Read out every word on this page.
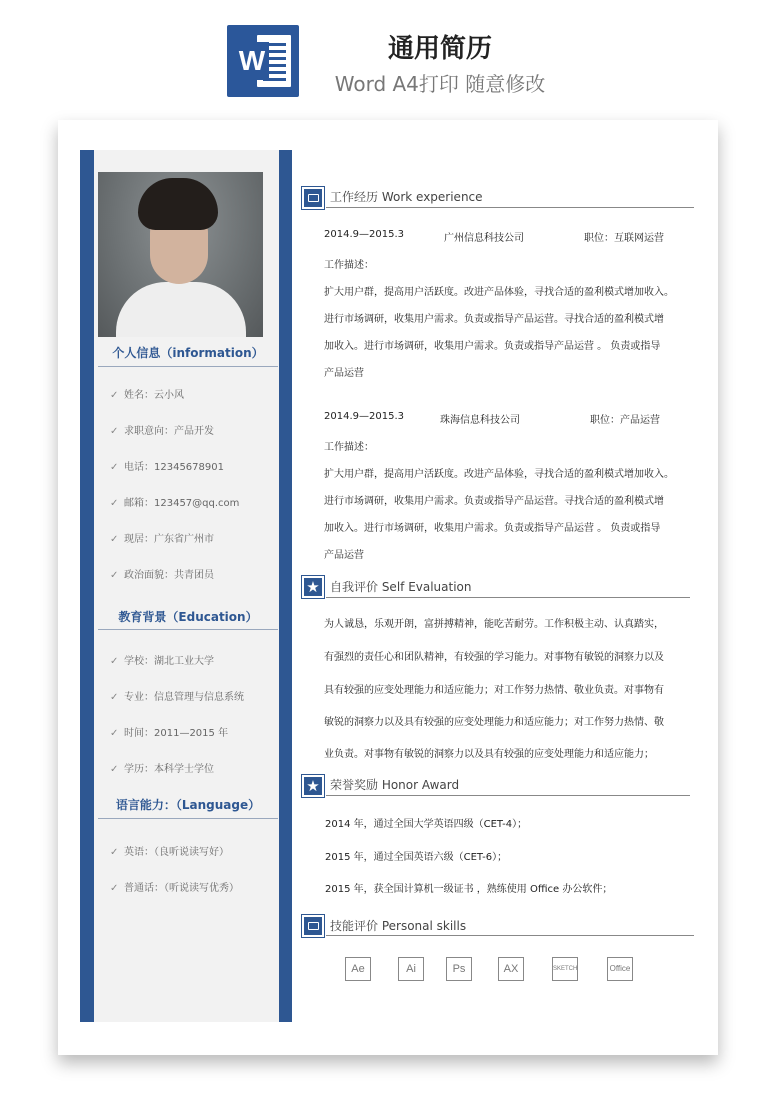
W	通用简历
Word A4打印 随意修改
个人信息（information）
✓ 姓名：云小风
✓ 求职意向：产品开发
✓ 电话：12345678901
✓ 邮箱：123457@qq.com
✓ 现居：广东省广州市
✓ 政治面貌：共青团员
教育背景（Education）
✓ 学校：湖北工业大学
✓ 专业：信息管理与信息系统
✓ 时间：2011—2015 年
✓ 学历：本科学士学位
语言能力：（Language）
✓ 英语：（良听说读写好）
✓ 普通话：（听说读写优秀）
工作经历 Work experience
2014.9—2015.3	广州信息科技公司	职位：互联网运营
工作描述：
扩大用户群，提高用户活跃度。改进产品体验，寻找合适的盈利模式增加收入。
进行市场调研，收集用户需求。负责或指导产品运营。寻找合适的盈利模式增
加收入。进行市场调研，收集用户需求。负责或指导产品运营 。 负责或指导
产品运营
2014.9—2015.3	珠海信息科技公司	职位：产品运营
工作描述：
扩大用户群，提高用户活跃度。改进产品体验，寻找合适的盈利模式增加收入。
进行市场调研，收集用户需求。负责或指导产品运营。寻找合适的盈利模式增
加收入。进行市场调研，收集用户需求。负责或指导产品运营 。 负责或指导
产品运营
★ 自我评价 Self Evaluation
为人诚恳，乐观开朗，富拼搏精神，能吃苦耐劳。工作积极主动、认真踏实，
有强烈的责任心和团队精神，有较强的学习能力。对事物有敏锐的洞察力以及
具有较强的应变处理能力和适应能力；对工作努力热情、敬业负责。对事物有
敏锐的洞察力以及具有较强的应变处理能力和适应能力；对工作努力热情、敬
业负责。对事物有敏锐的洞察力以及具有较强的应变处理能力和适应能力；
★ 荣誉奖励 Honor Award
2014 年，通过全国大学英语四级（CET-4）；
2015 年，通过全国英语六级（CET-6）；
2015 年，获全国计算机一级证书 ，熟练使用 Office 办公软件；
技能评价 Personal skills
Ae	Ai	Ps	AX	SKETCH	Office
